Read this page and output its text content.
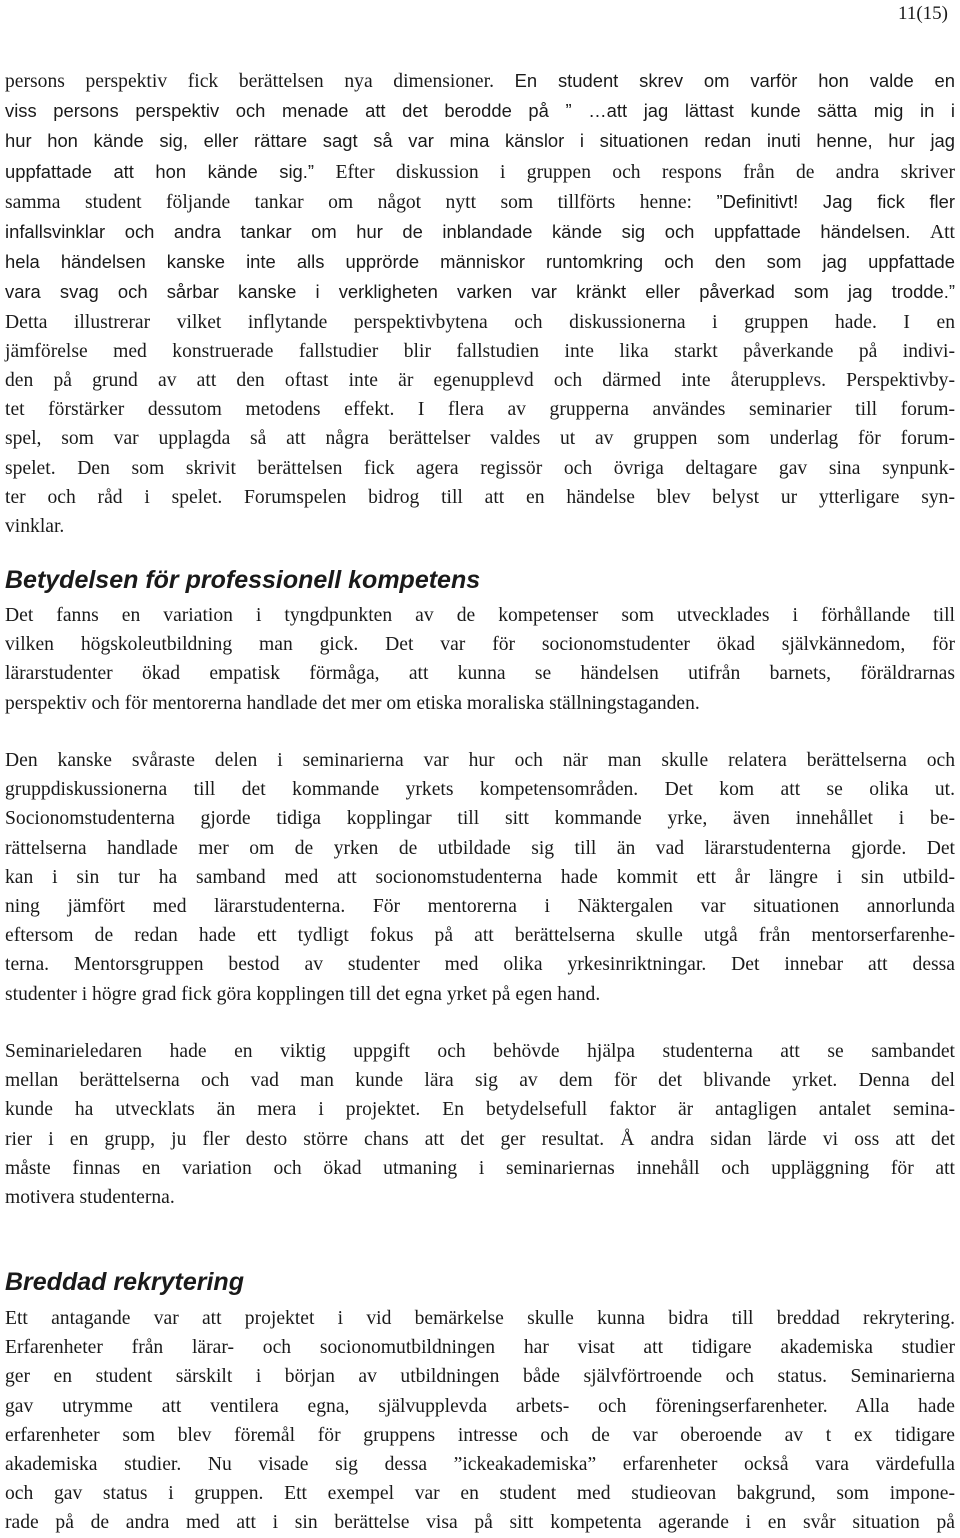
11(15)
persons perspektiv fick berättelsen nya dimensioner. En student skrev om varför hon valde en
viss persons perspektiv och menade att det berodde på ” …att jag lättast kunde sätta mig in i
hur hon kände sig, eller rättare sagt så var mina känslor i situationen redan inuti henne, hur jag
uppfattade att hon kände sig.” Efter diskussion i gruppen och respons från de andra skriver
samma student följande tankar om något nytt som tillförts henne: ”Definitivt! Jag fick fler
infallsvinklar och andra tankar om hur de inblandade kände sig och uppfattade händelsen. Att
hela händelsen kanske inte alls upprörde människor runtomkring och den som jag uppfattade
vara svag och sårbar kanske i verkligheten varken var kränkt eller påverkad som jag trodde.”
Detta illustrerar vilket inflytande perspektivbytena och diskussionerna i gruppen hade. I en
jämförelse med konstruerade fallstudier blir fallstudien inte lika starkt påverkande på indivi-
den på grund av att den oftast inte är egenupplevd och därmed inte återupplevs. Perspektivby-
tet förstärker dessutom metodens effekt. I flera av grupperna användes seminarier till forum-
spel, som var upplagda så att några berättelser valdes ut av gruppen som underlag för forum-
spelet. Den som skrivit berättelsen fick agera regissör och övriga deltagare gav sina synpunk-
ter och råd i spelet. Forumspelen bidrog till att en händelse blev belyst ur ytterligare syn-
vinklar.
Betydelsen för professionell kompetens
Det fanns en variation i tyngdpunkten av de kompetenser som utvecklades i förhållande till
vilken högskoleutbildning man gick. Det var för socionomstudenter ökad självkännedom, för
lärarstudenter ökad empatisk förmåga, att kunna se händelsen utifrån barnets, föräldrarnas
perspektiv och för mentorerna handlade det mer om etiska moraliska ställningstaganden.
Den kanske svåraste delen i seminarierna var hur och när man skulle relatera berättelserna och
gruppdiskussionerna till det kommande yrkets kompetensområden. Det kom att se olika ut.
Socionomstudenterna gjorde tidiga kopplingar till sitt kommande yrke, även innehållet i be-
rättelserna handlade mer om de yrken de utbildade sig till än vad lärarstudenterna gjorde. Det
kan i sin tur ha samband med att socionomstudenterna hade kommit ett år längre i sin utbild-
ning jämfört med lärarstudenterna. För mentorerna i Näktergalen var situationen annorlunda
eftersom de redan hade ett tydligt fokus på att berättelserna skulle utgå från mentorserfarenhe-
terna. Mentorsgruppen bestod av studenter med olika yrkesinriktningar. Det innebar att dessa
studenter i högre grad fick göra kopplingen till det egna yrket på egen hand.
Seminarieledaren hade en viktig uppgift och behövde hjälpa studenterna att se sambandet
mellan berättelserna och vad man kunde lära sig av dem för det blivande yrket. Denna del
kunde ha utvecklats än mera i projektet. En betydelsefull faktor är antagligen antalet semina-
rier i en grupp, ju fler desto större chans att det ger resultat. Å andra sidan lärde vi oss att det
måste finnas en variation och ökad utmaning i seminariernas innehåll och uppläggning för att
motivera studenterna.
Breddad rekrytering
Ett antagande var att projektet i vid bemärkelse skulle kunna bidra till breddad rekrytering.
Erfarenheter från lärar- och socionomutbildningen har visat att tidigare akademiska studier
ger en student särskilt i början av utbildningen både självförtroende och status. Seminarierna
gav utrymme att ventilera egna, självupplevda arbets- och föreningserfarenheter. Alla hade
erfarenheter som blev föremål för gruppens intresse och de var oberoende av t ex tidigare
akademiska studier. Nu visade sig dessa ”ickeakademiska” erfarenheter också vara värdefulla
och gav status i gruppen. Ett exempel var en student med studieovan bakgrund, som impone-
rade på de andra med att i sin berättelse visa på sitt kompetenta agerande i en svår situation på
